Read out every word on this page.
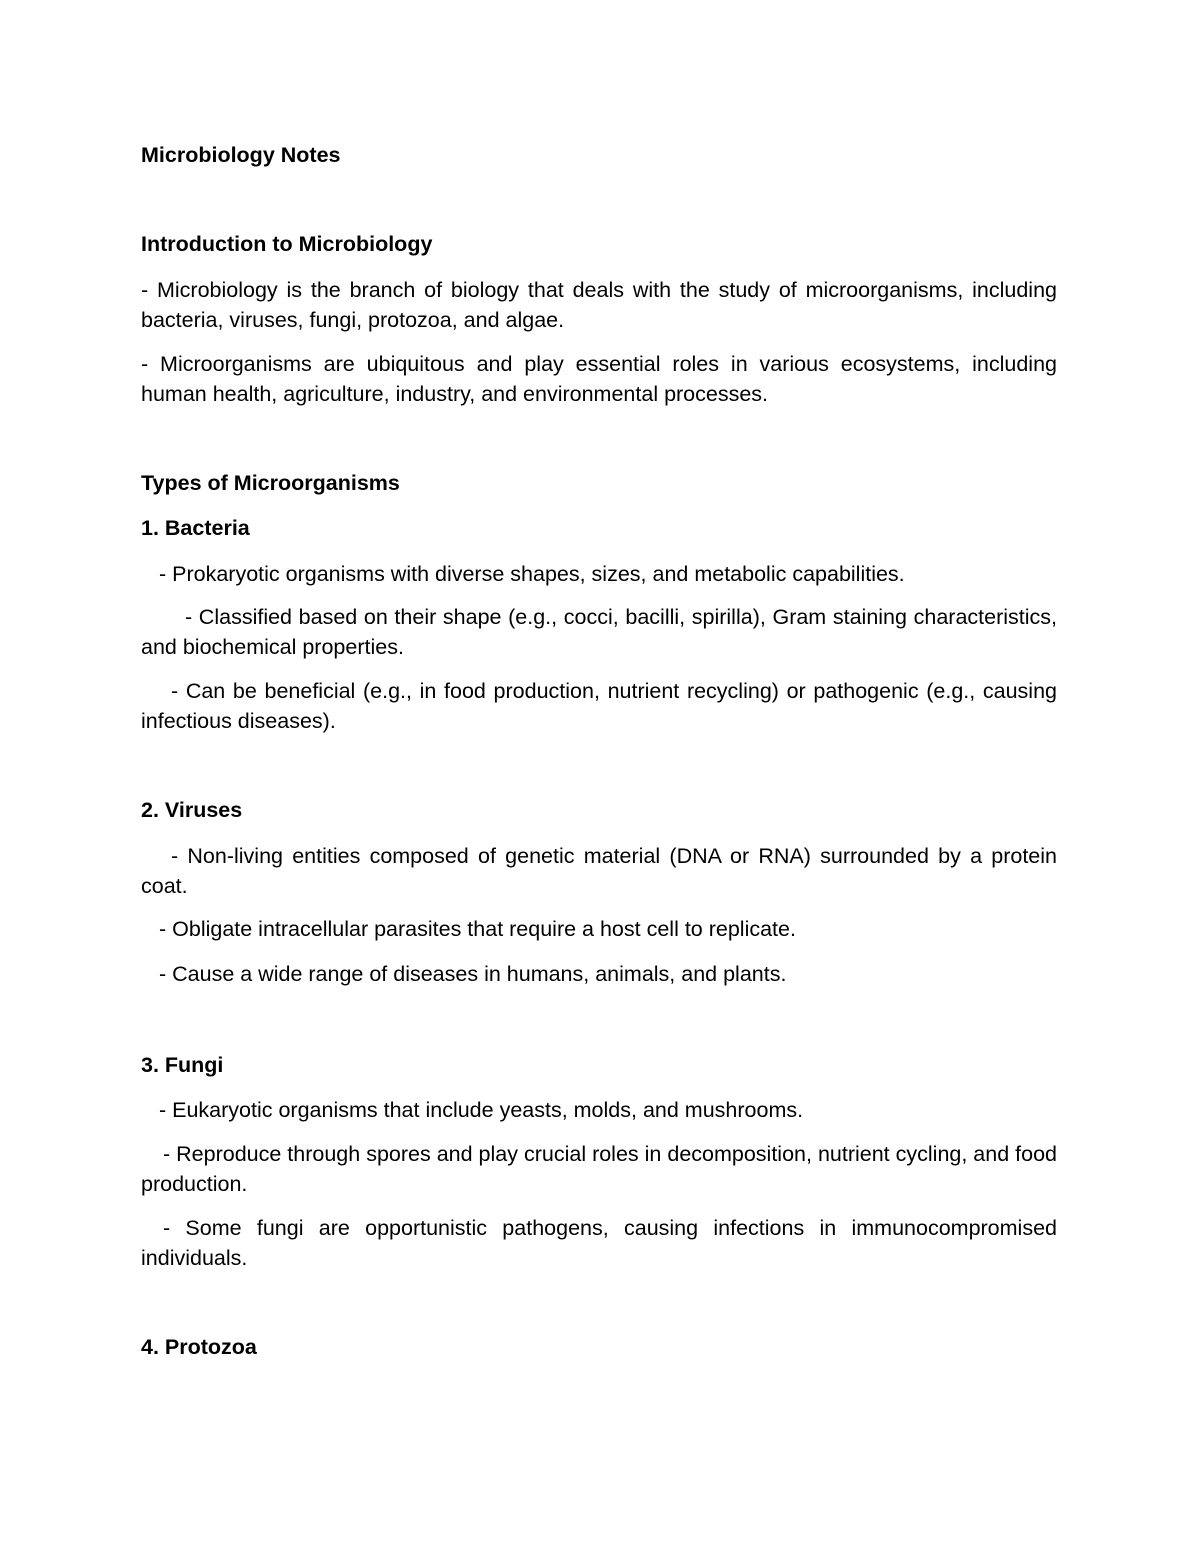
Microbiology Notes

Introduction to Microbiology

- Microbiology is the branch of biology that deals with the study of microorganisms, including bacteria, viruses, fungi, protozoa, and algae.

- Microorganisms are ubiquitous and play essential roles in various ecosystems, including human health, agriculture, industry, and environmental processes.

Types of Microorganisms

1. Bacteria

- Prokaryotic organisms with diverse shapes, sizes, and metabolic capabilities.

- Classified based on their shape (e.g., cocci, bacilli, spirilla), Gram staining characteristics, and biochemical properties.

- Can be beneficial (e.g., in food production, nutrient recycling) or pathogenic (e.g., causing infectious diseases).

2. Viruses

- Non-living entities composed of genetic material (DNA or RNA) surrounded by a protein coat.

- Obligate intracellular parasites that require a host cell to replicate.

- Cause a wide range of diseases in humans, animals, and plants.

3. Fungi

- Eukaryotic organisms that include yeasts, molds, and mushrooms.

- Reproduce through spores and play crucial roles in decomposition, nutrient cycling, and food production.

- Some fungi are opportunistic pathogens, causing infections in immunocompromised individuals.

4. Protozoa
